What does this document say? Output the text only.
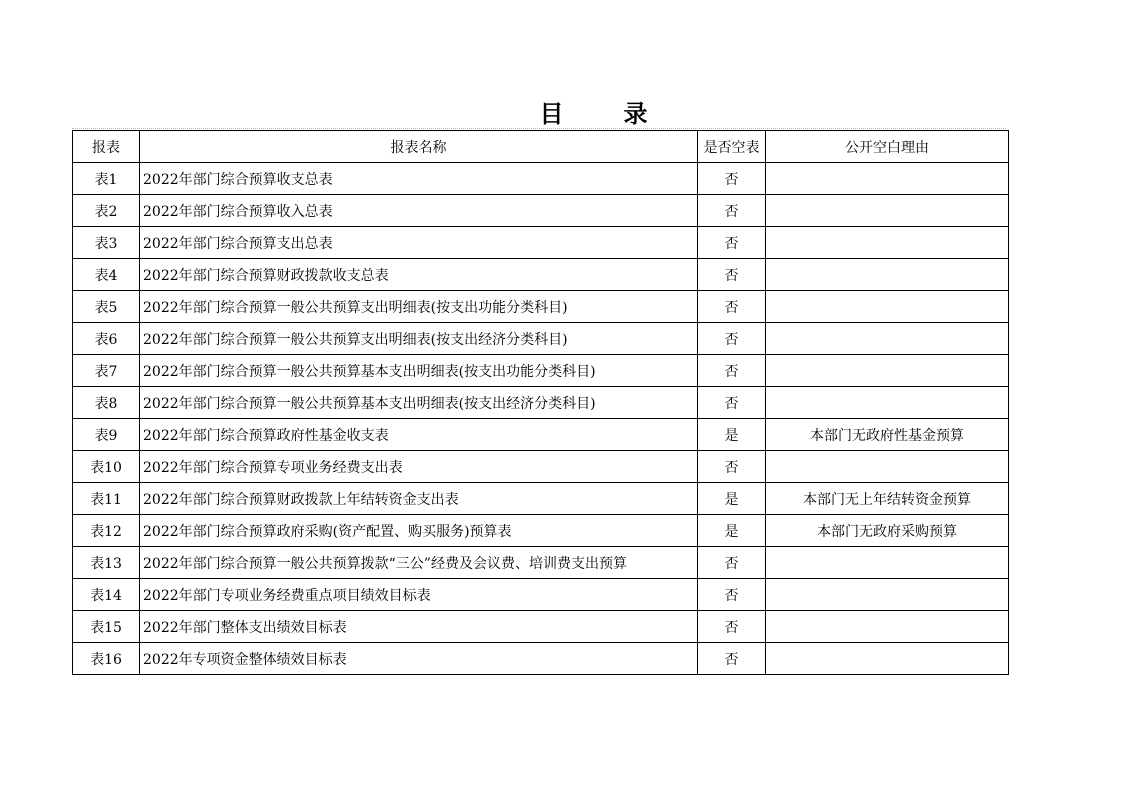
目　录
报表	报表名称	是否空表	公开空白理由
表1	2022年部门综合预算收支总表	否	
表2	2022年部门综合预算收入总表	否	
表3	2022年部门综合预算支出总表	否	
表4	2022年部门综合预算财政拨款收支总表	否	
表5	2022年部门综合预算一般公共预算支出明细表(按支出功能分类科目)	否	
表6	2022年部门综合预算一般公共预算支出明细表(按支出经济分类科目)	否	
表7	2022年部门综合预算一般公共预算基本支出明细表(按支出功能分类科目)	否	
表8	2022年部门综合预算一般公共预算基本支出明细表(按支出经济分类科目)	否	
表9	2022年部门综合预算政府性基金收支表	是	本部门无政府性基金预算
表10	2022年部门综合预算专项业务经费支出表	否	
表11	2022年部门综合预算财政拨款上年结转资金支出表	是	本部门无上年结转资金预算
表12	2022年部门综合预算政府采购(资产配置、购买服务)预算表	是	本部门无政府采购预算
表13	2022年部门综合预算一般公共预算拨款“三公”经费及会议费、培训费支出预算	否	
表14	2022年部门专项业务经费重点项目绩效目标表	否	
表15	2022年部门整体支出绩效目标表	否	
表16	2022年专项资金整体绩效目标表	否	
